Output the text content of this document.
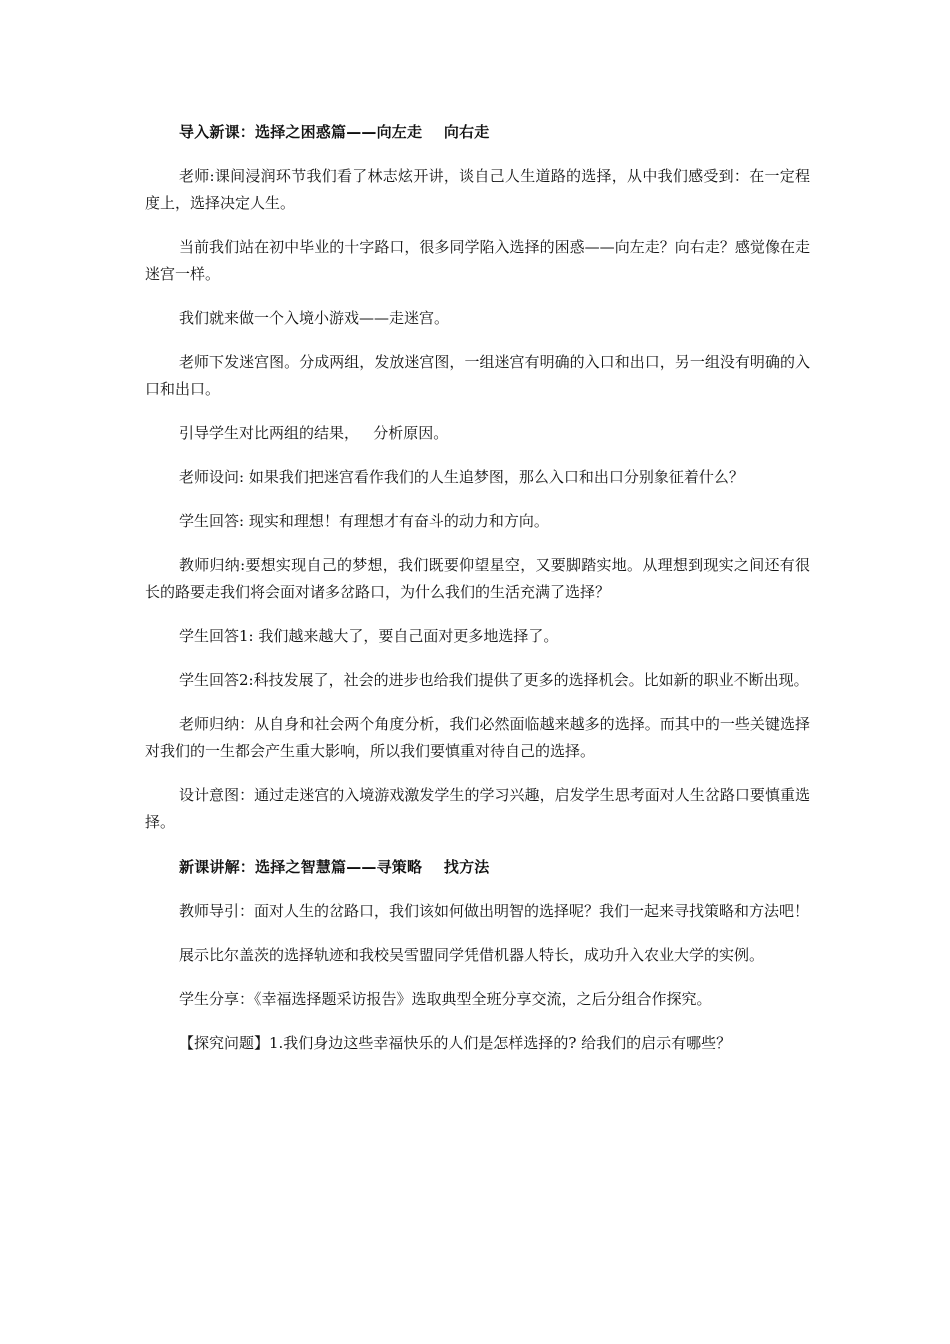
导入新课：选择之困惑篇——向左走    向右走

老师:课间浸润环节我们看了林志炫开讲，谈自己人生道路的选择，从中我们感受到：在一定程度上，选择决定人生。

当前我们站在初中毕业的十字路口，很多同学陷入选择的困惑——向左走？向右走？感觉像在走迷宫一样。

我们就来做一个入境小游戏——走迷宫。

老师下发迷宫图。分成两组，发放迷宫图，一组迷宫有明确的入口和出口，另一组没有明确的入口和出口。

引导学生对比两组的结果，   分析原因。

老师设问: 如果我们把迷宫看作我们的人生追梦图，那么入口和出口分别象征着什么？

学生回答: 现实和理想！有理想才有奋斗的动力和方向。

教师归纳:要想实现自己的梦想，我们既要仰望星空，又要脚踏实地。从理想到现实之间还有很长的路要走我们将会面对诸多岔路口，为什么我们的生活充满了选择？

学生回答1: 我们越来越大了，要自己面对更多地选择了。

学生回答2:科技发展了，社会的进步也给我们提供了更多的选择机会。比如新的职业不断出现。

老师归纳：从自身和社会两个角度分析，我们必然面临越来越多的选择。而其中的一些关键选择对我们的一生都会产生重大影响，所以我们要慎重对待自己的选择。

设计意图：通过走迷宫的入境游戏激发学生的学习兴趣，启发学生思考面对人生岔路口要慎重选择。

新课讲解：选择之智慧篇——寻策略    找方法

教师导引：面对人生的岔路口，我们该如何做出明智的选择呢？我们一起来寻找策略和方法吧！

展示比尔盖茨的选择轨迹和我校吴雪盟同学凭借机器人特长，成功升入农业大学的实例。

学生分享：《幸福选择题采访报告》选取典型全班分享交流，之后分组合作探究。

【探究问题】1.我们身边这些幸福快乐的人们是怎样选择的? 给我们的启示有哪些？
